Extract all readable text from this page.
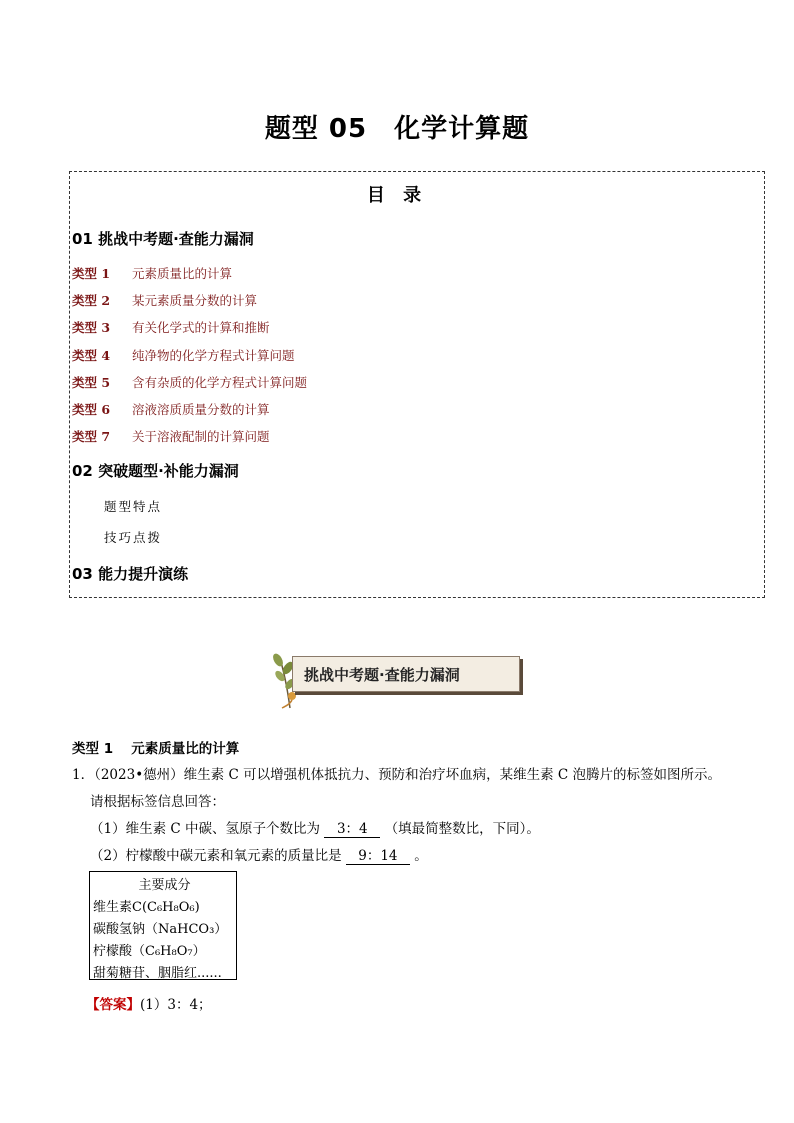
题型 05　化学计算题
目 录
01 挑战中考题·查能力漏洞
类型 1 元素质量比的计算
类型 2 某元素质量分数的计算
类型 3 有关化学式的计算和推断
类型 4 纯净物的化学方程式计算问题
类型 5 含有杂质的化学方程式计算问题
类型 6 溶液溶质质量分数的计算
类型 7 关于溶液配制的计算问题
02 突破题型·补能力漏洞
题型特点
技巧点拨
03 能力提升演练
挑战中考题·查能力漏洞
类型 1　 元素质量比的计算
1．（2023•德州）维生素 C 可以增强机体抵抗力、预防和治疗坏血病，某维生素 C 泡腾片的标签如图所示。
请根据标签信息回答：
（1）维生素 C 中碳、氢原子个数比为 3：4 （填最简整数比，下同）。
（2）柠檬酸中碳元素和氧元素的质量比是 9：14 。
主要成分
维生素C(C₆H₈O₆)
碳酸氢钠（NaHCO₃）
柠檬酸（C₆H₈O₇）
甜菊糖苷、胭脂红......
【答案】(1）3：4；
